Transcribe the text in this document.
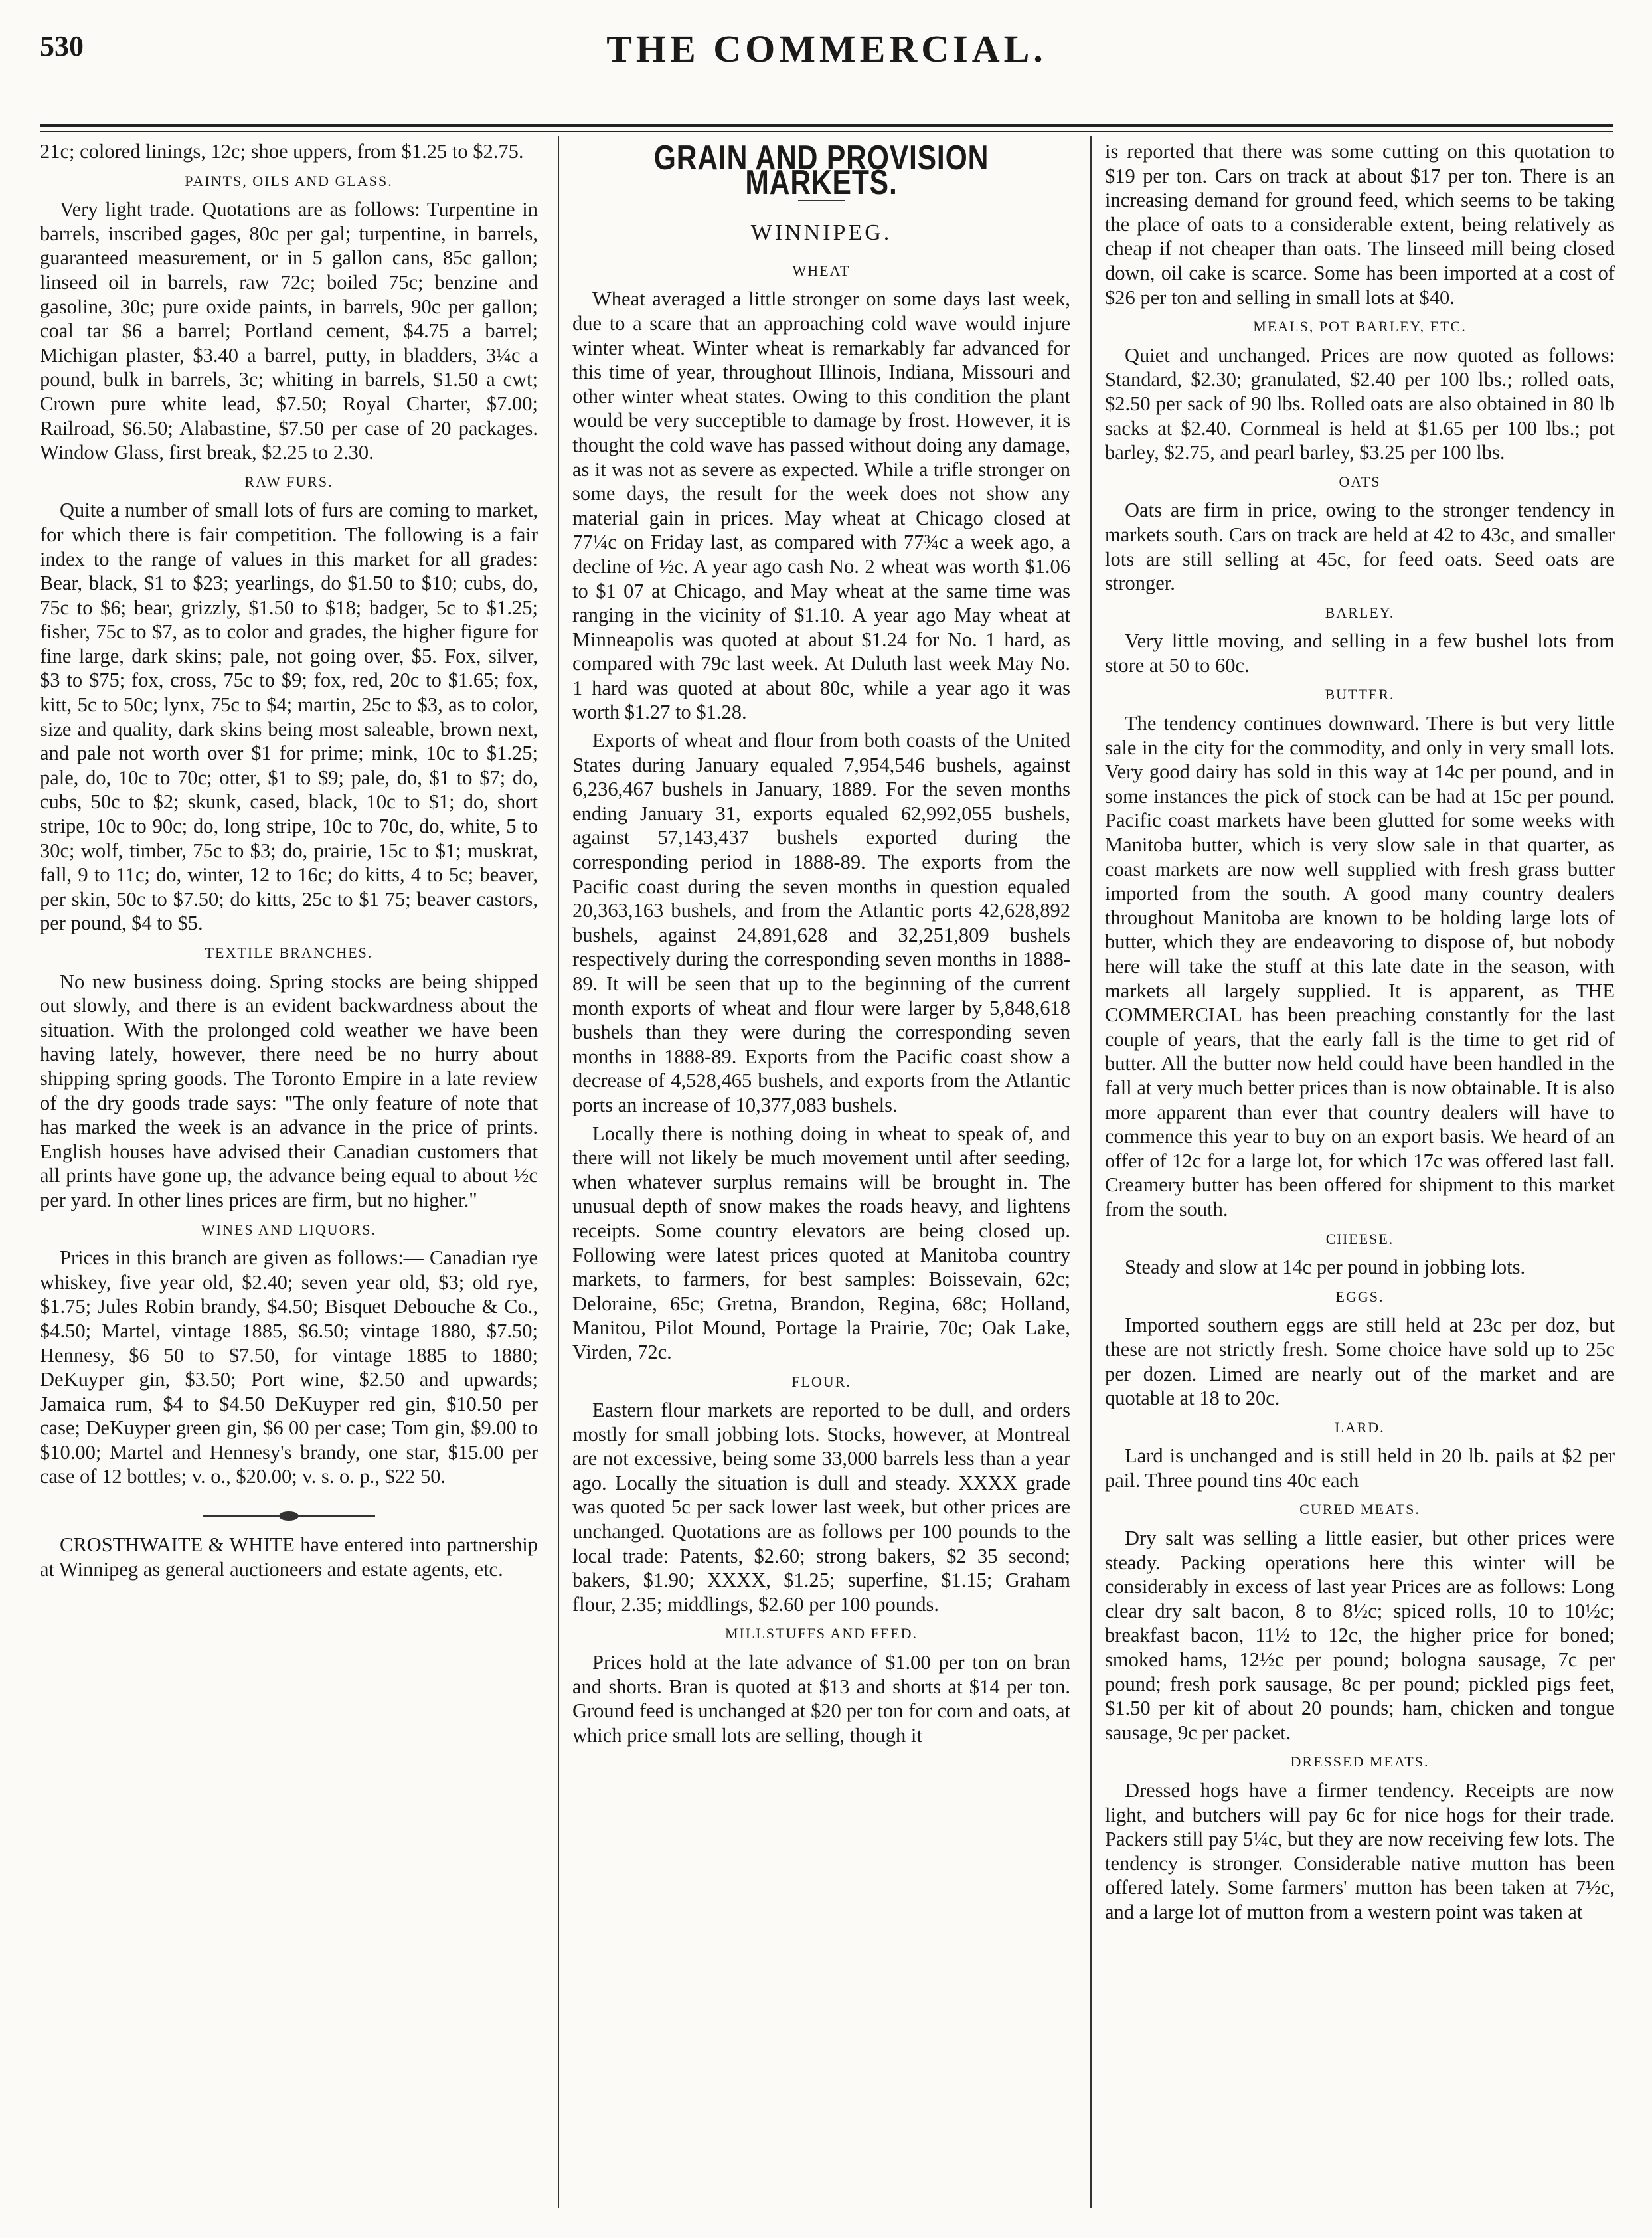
530	THE COMMERCIAL.

21c; colored linings, 12c; shoe uppers, from $1.25 to $2.75.

PAINTS, OILS AND GLASS.

Very light trade. Quotations are as follows: Turpentine in barrels, inscribed gages, 80c per gal; turpentine, in barrels, guaranteed measurement, or in 5 gallon cans, 85c gallon; linseed oil in barrels, raw 72c; boiled 75c; benzine and gasoline, 30c; pure oxide paints, in barrels, 90c per gallon; coal tar $6 a barrel; Portland cement, $4.75 a barrel; Michigan plaster, $3.40 a barrel, putty, in bladders, 3¼c a pound, bulk in barrels, 3c; whiting in barrels, $1.50 a cwt; Crown pure white lead, $7.50; Royal Charter, $7.00; Railroad, $6.50; Alabastine, $7.50 per case of 20 packages. Window Glass, first break, $2.25 to 2.30.

RAW FURS.

Quite a number of small lots of furs are coming to market, for which there is fair competition. The following is a fair index to the range of values in this market for all grades: Bear, black, $1 to $23; yearlings, do $1.50 to $10; cubs, do, 75c to $6; bear, grizzly, $1.50 to $18; badger, 5c to $1.25; fisher, 75c to $7, as to color and grades, the higher figure for fine large, dark skins; pale, not going over, $5. Fox, silver, $3 to $75; fox, cross, 75c to $9; fox, red, 20c to $1.65; fox, kitt, 5c to 50c; lynx, 75c to $4; martin, 25c to $3, as to color, size and quality, dark skins being most saleable, brown next, and pale not worth over $1 for prime; mink, 10c to $1.25; pale, do, 10c to 70c; otter, $1 to $9; pale, do, $1 to $7; do, cubs, 50c to $2; skunk, cased, black, 10c to $1; do, short stripe, 10c to 90c; do, long stripe, 10c to 70c, do, white, 5 to 30c; wolf, timber, 75c to $3; do, prairie, 15c to $1; muskrat, fall, 9 to 11c; do, winter, 12 to 16c; do kitts, 4 to 5c; beaver, per skin, 50c to $7.50; do kitts, 25c to $1 75; beaver castors, per pound, $4 to $5.

TEXTILE BRANCHES.

No new business doing. Spring stocks are being shipped out slowly, and there is an evident backwardness about the situation. With the prolonged cold weather we have been having lately, however, there need be no hurry about shipping spring goods. The Toronto Empire in a late review of the dry goods trade says: "The only feature of note that has marked the week is an advance in the price of prints. English houses have advised their Canadian customers that all prints have gone up, the advance being equal to about ½c per yard. In other lines prices are firm, but no higher."

WINES AND LIQUORS.

Prices in this branch are given as follows:— Canadian rye whiskey, five year old, $2.40; seven year old, $3; old rye, $1.75; Jules Robin brandy, $4.50; Bisquet Debouche & Co., $4.50; Martel, vintage 1885, $6.50; vintage 1880, $7.50; Hennesy, $6 50 to $7.50, for vintage 1885 to 1880; DeKuyper gin, $3.50; Port wine, $2.50 and upwards; Jamaica rum, $4 to $4.50 DeKuyper red gin, $10.50 per case; DeKuyper green gin, $6 00 per case; Tom gin, $9.00 to $10.00; Martel and Hennesy's brandy, one star, $15.00 per case of 12 bottles; v. o., $20.00; v. s. o. p., $22 50.

CROSTHWAITE & WHITE have entered into partnership at Winnipeg as general auctioneers and estate agents, etc.

GRAIN AND PROVISION MARKETS.
WINNIPEG.
WHEAT

Wheat averaged a little stronger on some days last week, due to a scare that an approaching cold wave would injure winter wheat. Winter wheat is remarkably far advanced for this time of year, throughout Illinois, Indiana, Missouri and other winter wheat states. Owing to this condition the plant would be very succeptible to damage by frost. However, it is thought the cold wave has passed without doing any damage, as it was not as severe as expected. While a trifle stronger on some days, the result for the week does not show any material gain in prices. May wheat at Chicago closed at 77¼c on Friday last, as compared with 77¾c a week ago, a decline of ½c. A year ago cash No. 2 wheat was worth $1.06 to $1 07 at Chicago, and May wheat at the same time was ranging in the vicinity of $1.10. A year ago May wheat at Minneapolis was quoted at about $1.24 for No. 1 hard, as compared with 79c last week. At Duluth last week May No. 1 hard was quoted at about 80c, while a year ago it was worth $1.27 to $1.28.

Exports of wheat and flour from both coasts of the United States during January equaled 7,954,546 bushels, against 6,236,467 bushels in January, 1889. For the seven months ending January 31, exports equaled 62,992,055 bushels, against 57,143,437 bushels exported during the corresponding period in 1888-89. The exports from the Pacific coast during the seven months in question equaled 20,363,163 bushels, and from the Atlantic ports 42,628,892 bushels, against 24,891,628 and 32,251,809 bushels respectively during the corresponding seven months in 1888-89. It will be seen that up to the beginning of the current month exports of wheat and flour were larger by 5,848,618 bushels than they were during the corresponding seven months in 1888-89. Exports from the Pacific coast show a decrease of 4,528,465 bushels, and exports from the Atlantic ports an increase of 10,377,083 bushels.

Locally there is nothing doing in wheat to speak of, and there will not likely be much movement until after seeding, when whatever surplus remains will be brought in. The unusual depth of snow makes the roads heavy, and lightens receipts. Some country elevators are being closed up. Following were latest prices quoted at Manitoba country markets, to farmers, for best samples: Boissevain, 62c; Deloraine, 65c; Gretna, Brandon, Regina, 68c; Holland, Manitou, Pilot Mound, Portage la Prairie, 70c; Oak Lake, Virden, 72c.

FLOUR.

Eastern flour markets are reported to be dull, and orders mostly for small jobbing lots. Stocks, however, at Montreal are not excessive, being some 33,000 barrels less than a year ago. Locally the situation is dull and steady. XXXX grade was quoted 5c per sack lower last week, but other prices are unchanged. Quotations are as follows per 100 pounds to the local trade: Patents, $2.60; strong bakers, $2 35 second; bakers, $1.90; XXXX, $1.25; superfine, $1.15; Graham flour, 2.35; middlings, $2.60 per 100 pounds.

MILLSTUFFS AND FEED.

Prices hold at the late advance of $1.00 per ton on bran and shorts. Bran is quoted at $13 and shorts at $14 per ton. Ground feed is unchanged at $20 per ton for corn and oats, at which price small lots are selling, though it

is reported that there was some cutting on this quotation to $19 per ton. Cars on track at about $17 per ton. There is an increasing demand for ground feed, which seems to be taking the place of oats to a considerable extent, being relatively as cheap if not cheaper than oats. The linseed mill being closed down, oil cake is scarce. Some has been imported at a cost of $26 per ton and selling in small lots at $40.

MEALS, POT BARLEY, ETC.

Quiet and unchanged. Prices are now quoted as follows: Standard, $2.30; granulated, $2.40 per 100 lbs.; rolled oats, $2.50 per sack of 90 lbs. Rolled oats are also obtained in 80 lb sacks at $2.40. Cornmeal is held at $1.65 per 100 lbs.; pot barley, $2.75, and pearl barley, $3.25 per 100 lbs.

OATS

Oats are firm in price, owing to the stronger tendency in markets south. Cars on track are held at 42 to 43c, and smaller lots are still selling at 45c, for feed oats. Seed oats are stronger.

BARLEY.

Very little moving, and selling in a few bushel lots from store at 50 to 60c.

BUTTER.

The tendency continues downward. There is but very little sale in the city for the commodity, and only in very small lots. Very good dairy has sold in this way at 14c per pound, and in some instances the pick of stock can be had at 15c per pound. Pacific coast markets have been glutted for some weeks with Manitoba butter, which is very slow sale in that quarter, as coast markets are now well supplied with fresh grass butter imported from the south. A good many country dealers throughout Manitoba are known to be holding large lots of butter, which they are endeavoring to dispose of, but nobody here will take the stuff at this late date in the season, with markets all largely supplied. It is apparent, as THE COMMERCIAL has been preaching constantly for the last couple of years, that the early fall is the time to get rid of butter. All the butter now held could have been handled in the fall at very much better prices than is now obtainable. It is also more apparent than ever that country dealers will have to commence this year to buy on an export basis. We heard of an offer of 12c for a large lot, for which 17c was offered last fall. Creamery butter has been offered for shipment to this market from the south.

CHEESE.

Steady and slow at 14c per pound in jobbing lots.

EGGS.

Imported southern eggs are still held at 23c per doz, but these are not strictly fresh. Some choice have sold up to 25c per dozen. Limed are nearly out of the market and are quotable at 18 to 20c.

LARD.

Lard is unchanged and is still held in 20 lb. pails at $2 per pail. Three pound tins 40c each

CURED MEATS.

Dry salt was selling a little easier, but other prices were steady. Packing operations here this winter will be considerably in excess of last year Prices are as follows: Long clear dry salt bacon, 8 to 8½c; spiced rolls, 10 to 10½c; breakfast bacon, 11½ to 12c, the higher price for boned; smoked hams, 12½c per pound; bologna sausage, 7c per pound; fresh pork sausage, 8c per pound; pickled pigs feet, $1.50 per kit of about 20 pounds; ham, chicken and tongue sausage, 9c per packet.

DRESSED MEATS.

Dressed hogs have a firmer tendency. Receipts are now light, and butchers will pay 6c for nice hogs for their trade. Packers still pay 5¼c, but they are now receiving few lots. The tendency is stronger. Considerable native mutton has been offered lately. Some farmers' mutton has been taken at 7½c, and a large lot of mutton from a western point was taken at
